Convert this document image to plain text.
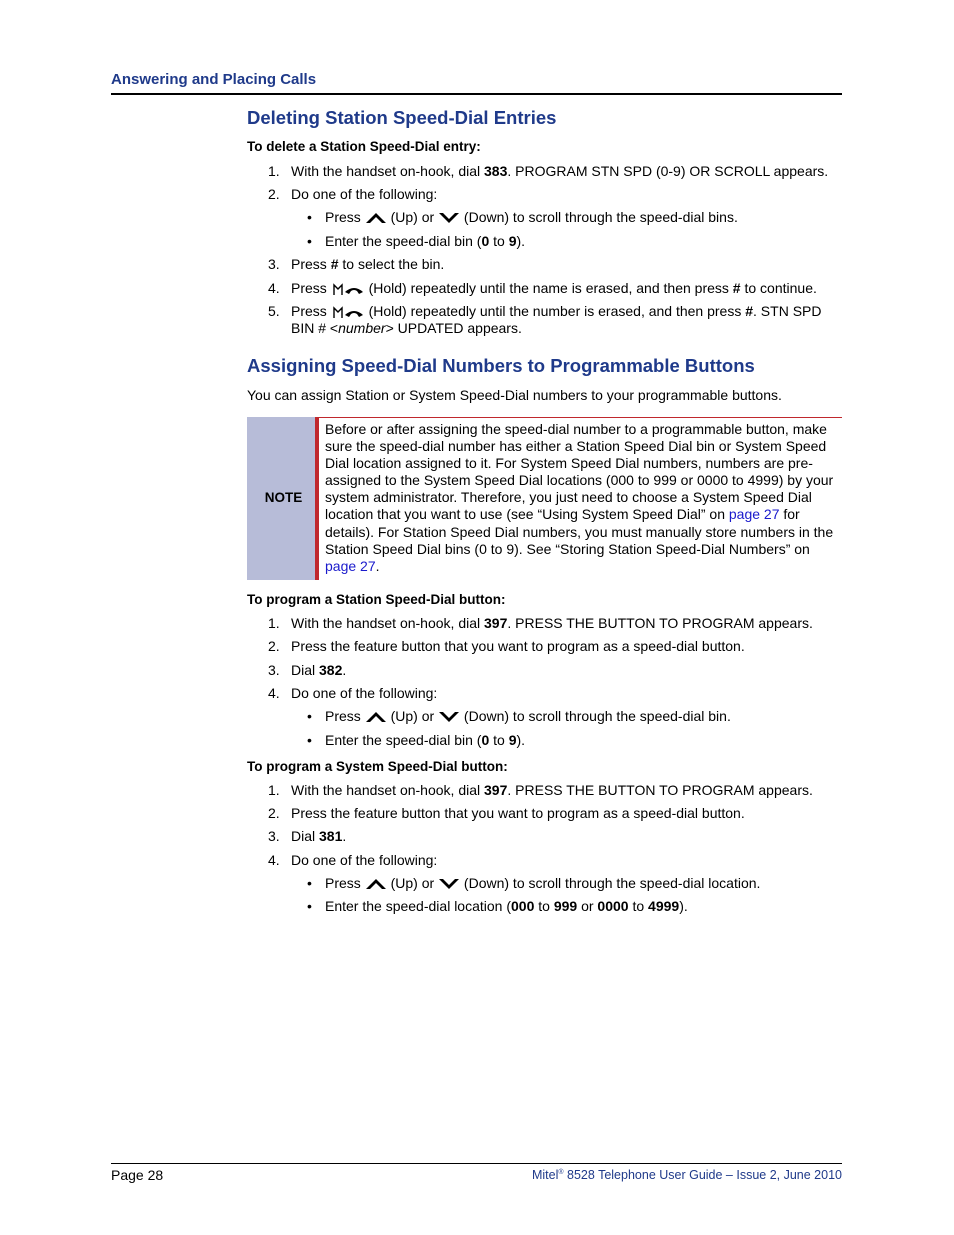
Answering and Placing Calls
Deleting Station Speed-Dial Entries
To delete a Station Speed-Dial entry:
1. With the handset on-hook, dial 383. PROGRAM STN SPD (0-9) OR SCROLL appears.
2. Do one of the following:
• Press  (Up) or  (Down) to scroll through the speed-dial bins.
• Enter the speed-dial bin (0 to 9).
3. Press # to select the bin.
4. Press	(Hold) repeatedly until the name is erased, and then press # to continue.
5. Press	(Hold) repeatedly until the number is erased, and then press #. STN SPD
BIN # <number> UPDATED appears.
Assigning Speed-Dial Numbers to Programmable Buttons
You can assign Station or System Speed-Dial numbers to your programmable buttons.
NOTE
Before or after assigning the speed-dial number to a programmable button, make
sure the speed-dial number has either a Station Speed Dial bin or System Speed
Dial location assigned to it. For System Speed Dial numbers, numbers are pre-
assigned to the System Speed Dial locations (000 to 999 or 0000 to 4999) by your
system administrator. Therefore, you just need to choose a System Speed Dial
location that you want to use (see “Using System Speed Dial” on page 27 for
details). For Station Speed Dial numbers, you must manually store numbers in the
Station Speed Dial bins (0 to 9). See “Storing Station Speed-Dial Numbers” on
page 27.
To program a Station Speed-Dial button:
1. With the handset on-hook, dial 397. PRESS THE BUTTON TO PROGRAM appears.
2. Press the feature button that you want to program as a speed-dial button.
3. Dial 382.
4. Do one of the following:
• Press  (Up) or  (Down) to scroll through the speed-dial bin.
• Enter the speed-dial bin (0 to 9).
To program a System Speed-Dial button:
1. With the handset on-hook, dial 397. PRESS THE BUTTON TO PROGRAM appears.
2. Press the feature button that you want to program as a speed-dial button.
3. Dial 381.
4. Do one of the following:
• Press  (Up) or  (Down) to scroll through the speed-dial location.
• Enter the speed-dial location (000 to 999 or 0000 to 4999).
Page 28	Mitel® 8528 Telephone User Guide – Issue 2, June 2010
